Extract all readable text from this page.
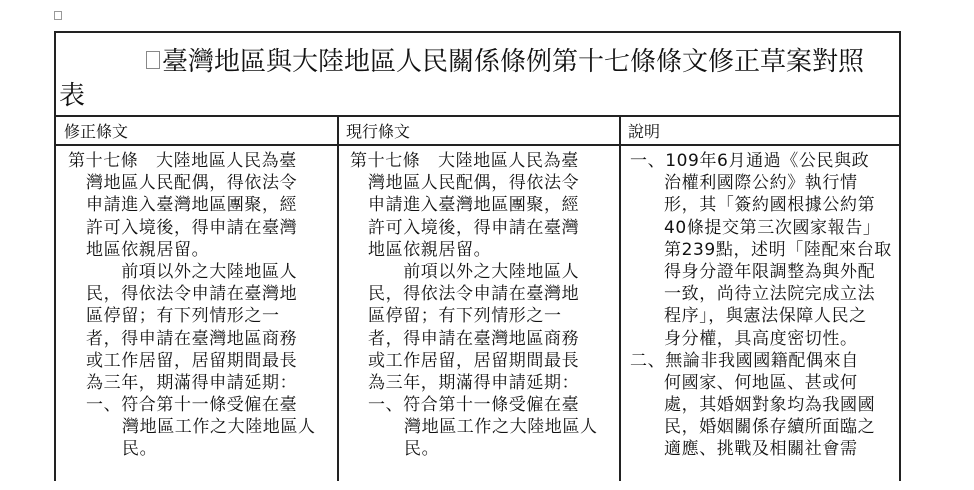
臺灣地區與大陸地區人民關係條例第十七條條文修正草案對照
表
修正條文	現行條文	說明
第十七條　大陸地區人民為臺
灣地區人民配偶，得依法令
申請進入臺灣地區團聚，經
許可入境後，得申請在臺灣
地區依親居留。
　　前項以外之大陸地區人
民，得依法令申請在臺灣地
區停留；有下列情形之一
者，得申請在臺灣地區商務
或工作居留，居留期間最長
為三年，期滿得申請延期：
一、符合第十一條受僱在臺
灣地區工作之大陸地區人
民。
第十七條　大陸地區人民為臺
灣地區人民配偶，得依法令
申請進入臺灣地區團聚，經
許可入境後，得申請在臺灣
地區依親居留。
　　前項以外之大陸地區人
民，得依法令申請在臺灣地
區停留；有下列情形之一
者，得申請在臺灣地區商務
或工作居留，居留期間最長
為三年，期滿得申請延期：
一、符合第十一條受僱在臺
灣地區工作之大陸地區人
民。
一、109年6月通過《公民與政
治權利國際公約》執行情
形，其「簽約國根據公約第
40條提交第三次國家報告」
第239點，述明「陸配來台取
得身分證年限調整為與外配
一致，尚待立法院完成立法
程序」，與憲法保障人民之
身分權，具高度密切性。
二、無論非我國國籍配偶來自
何國家、何地區、甚或何
處，其婚姻對象均為我國國
民，婚姻關係存續所面臨之
適應、挑戰及相關社會需
